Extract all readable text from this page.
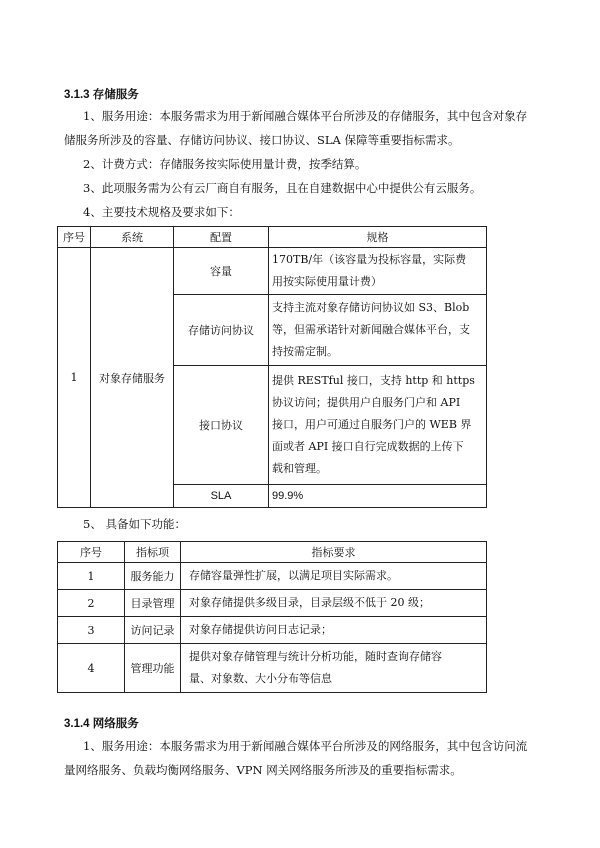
3.1.3 存储服务
1、服务用途：本服务需求为用于新闻融合媒体平台所涉及的存储服务，其中包含对象存
储服务所涉及的容量、存储访问协议、接口协议、SLA 保障等重要指标需求。
2、计费方式：存储服务按实际使用量计费，按季结算。
3、此项服务需为公有云厂商自有服务，且在自建数据中心中提供公有云服务。
4、主要技术规格及要求如下：
序号	系统	配置	规格
1	对象存储服务	容量	170TB/年（该容量为投标容量，实际费
用按实际使用量计费）

		存储访问协议	支持主流对象存储访问协议如 S3、Blob
等，但需承诺针对新闻融合媒体平台，支
持按需定制。

		接口协议	提供 RESTful 接口，支持 http 和 https
协议访问；提供用户自服务门户和 API
接口，用户可通过自服务门户的 WEB 界
面或者 API 接口自行完成数据的上传下
载和管理。

		SLA	99.9%
5、 具备如下功能：
序号	指标项	指标要求
1	服务能力	存储容量弹性扩展，以满足项目实际需求。

2	目录管理	对象存储提供多级目录，目录层级不低于 20 级；

3	访问记录	对象存储提供访问日志记录；

4	管理功能	提供对象存储管理与统计分析功能，随时查询存储容
量、对象数、大小分布等信息
3.1.4 网络服务
1、服务用途：本服务需求为用于新闻融合媒体平台所涉及的网络服务，其中包含访问流
量网络服务、负载均衡网络服务、VPN 网关网络服务所涉及的重要指标需求。
